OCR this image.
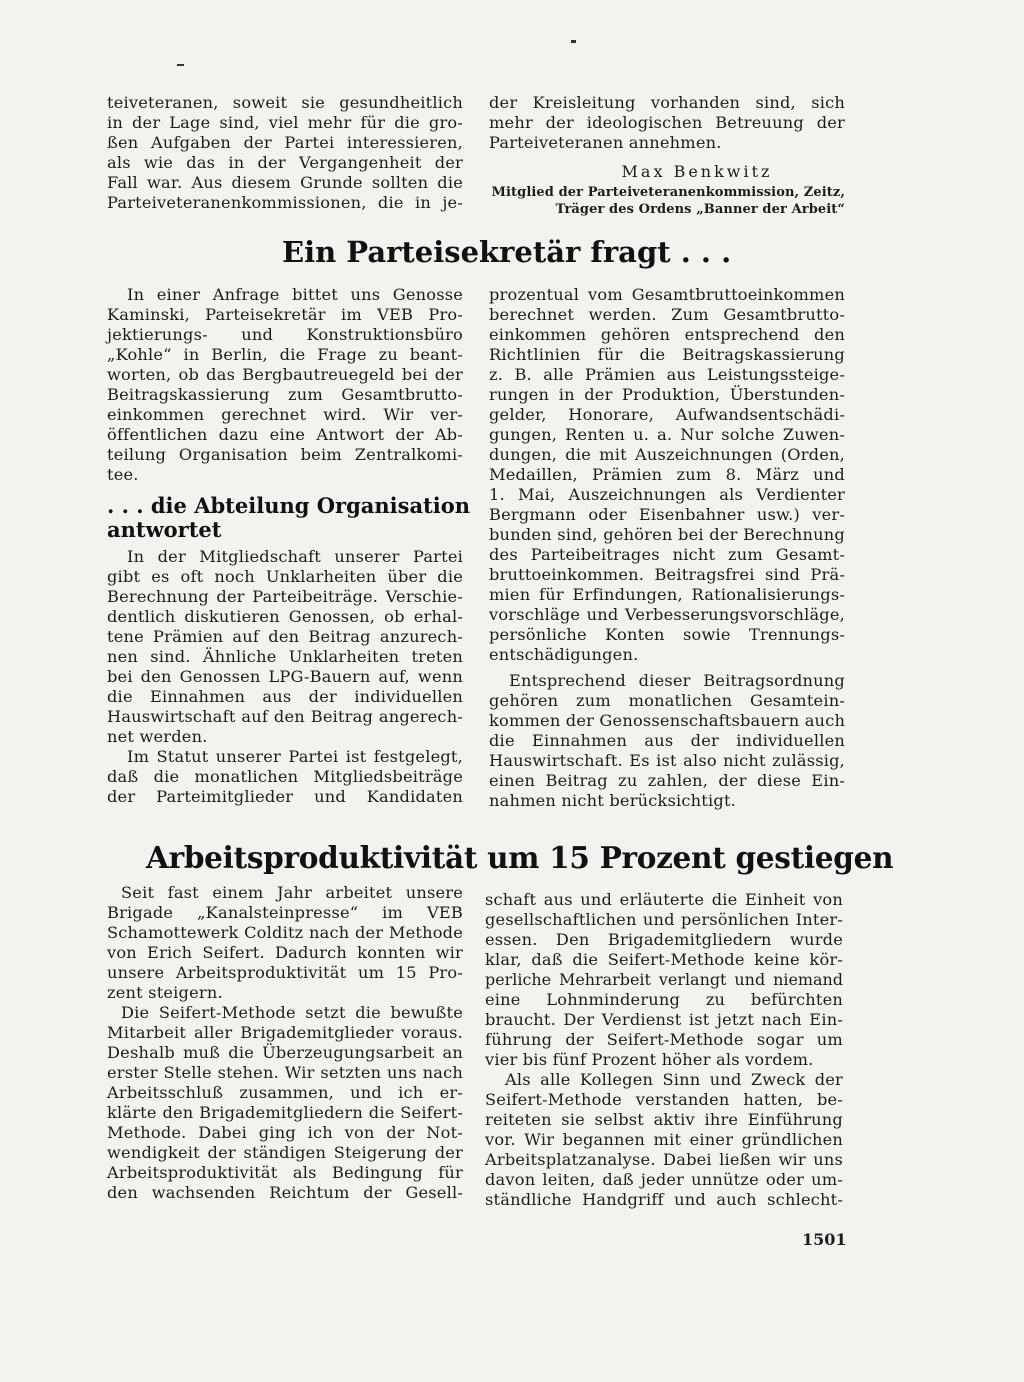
teiveteranen, soweit sie gesundheitlich
in der Lage sind, viel mehr für die gro-
ßen Aufgaben der Partei interessieren,
als wie das in der Vergangenheit der
Fall war. Aus diesem Grunde sollten die
Parteiveteranenkommissionen, die in je-
der Kreisleitung vorhanden sind, sich
mehr der ideologischen Betreuung der
Parteiveteranen annehmen.
Max Benkwitz
Mitglied der Parteiveteranenkommission, Zeitz,
Träger des Ordens „Banner der Arbeit“
Ein Parteisekretär fragt . . .
In einer Anfrage bittet uns Genosse
Kaminski, Parteisekretär im VEB Pro-
jektierungs- und Konstruktionsbüro
„Kohle“ in Berlin, die Frage zu beant-
worten, ob das Bergbautreuegeld bei der
Beitragskassierung zum Gesamtbrutto-
einkommen gerechnet wird. Wir ver-
öffentlichen dazu eine Antwort der Ab-
teilung Organisation beim Zentralkomi-
tee.
. . . die Abteilung Organisation
antwortet
In der Mitgliedschaft unserer Partei
gibt es oft noch Unklarheiten über die
Berechnung der Parteibeiträge. Verschie-
dentlich diskutieren Genossen, ob erhal-
tene Prämien auf den Beitrag anzurech-
nen sind. Ähnliche Unklarheiten treten
bei den Genossen LPG-Bauern auf, wenn
die Einnahmen aus der individuellen
Hauswirtschaft auf den Beitrag angerech-
net werden.
Im Statut unserer Partei ist festgelegt,
daß die monatlichen Mitgliedsbeiträge
der Parteimitglieder und Kandidaten
prozentual vom Gesamtbruttoeinkommen
berechnet werden. Zum Gesamtbrutto-
einkommen gehören entsprechend den
Richtlinien für die Beitragskassierung
z. B. alle Prämien aus Leistungssteige-
rungen in der Produktion, Überstunden-
gelder, Honorare, Aufwandsentschädi-
gungen, Renten u. a. Nur solche Zuwen-
dungen, die mit Auszeichnungen (Orden,
Medaillen, Prämien zum 8. März und
1. Mai, Auszeichnungen als Verdienter
Bergmann oder Eisenbahner usw.) ver-
bunden sind, gehören bei der Berechnung
des Parteibeitrages nicht zum Gesamt-
bruttoeinkommen. Beitragsfrei sind Prä-
mien für Erfindungen, Rationalisierungs-
vorschläge und Verbesserungsvorschläge,
persönliche Konten sowie Trennungs-
entschädigungen.
Entsprechend dieser Beitragsordnung
gehören zum monatlichen Gesamtein-
kommen der Genossenschaftsbauern auch
die Einnahmen aus der individuellen
Hauswirtschaft. Es ist also nicht zulässig,
einen Beitrag zu zahlen, der diese Ein-
nahmen nicht berücksichtigt.
Arbeitsproduktivität um 15 Prozent gestiegen
Seit fast einem Jahr arbeitet unsere
Brigade „Kanalsteinpresse“ im VEB
Schamottewerk Colditz nach der Methode
von Erich Seifert. Dadurch konnten wir
unsere Arbeitsproduktivität um 15 Pro-
zent steigern.
Die Seifert-Methode setzt die bewußte
Mitarbeit aller Brigademitglieder voraus.
Deshalb muß die Überzeugungsarbeit an
erster Stelle stehen. Wir setzten uns nach
Arbeitsschluß zusammen, und ich er-
klärte den Brigademitgliedern die Seifert-
Methode. Dabei ging ich von der Not-
wendigkeit der ständigen Steigerung der
Arbeitsproduktivität als Bedingung für
den wachsenden Reichtum der Gesell-
schaft aus und erläuterte die Einheit von
gesellschaftlichen und persönlichen Inter-
essen. Den Brigademitgliedern wurde
klar, daß die Seifert-Methode keine kör-
perliche Mehrarbeit verlangt und niemand
eine Lohnminderung zu befürchten
braucht. Der Verdienst ist jetzt nach Ein-
führung der Seifert-Methode sogar um
vier bis fünf Prozent höher als vordem.
Als alle Kollegen Sinn und Zweck der
Seifert-Methode verstanden hatten, be-
reiteten sie selbst aktiv ihre Einführung
vor. Wir begannen mit einer gründlichen
Arbeitsplatzanalyse. Dabei ließen wir uns
davon leiten, daß jeder unnütze oder um-
ständliche Handgriff und auch schlecht-
1501
